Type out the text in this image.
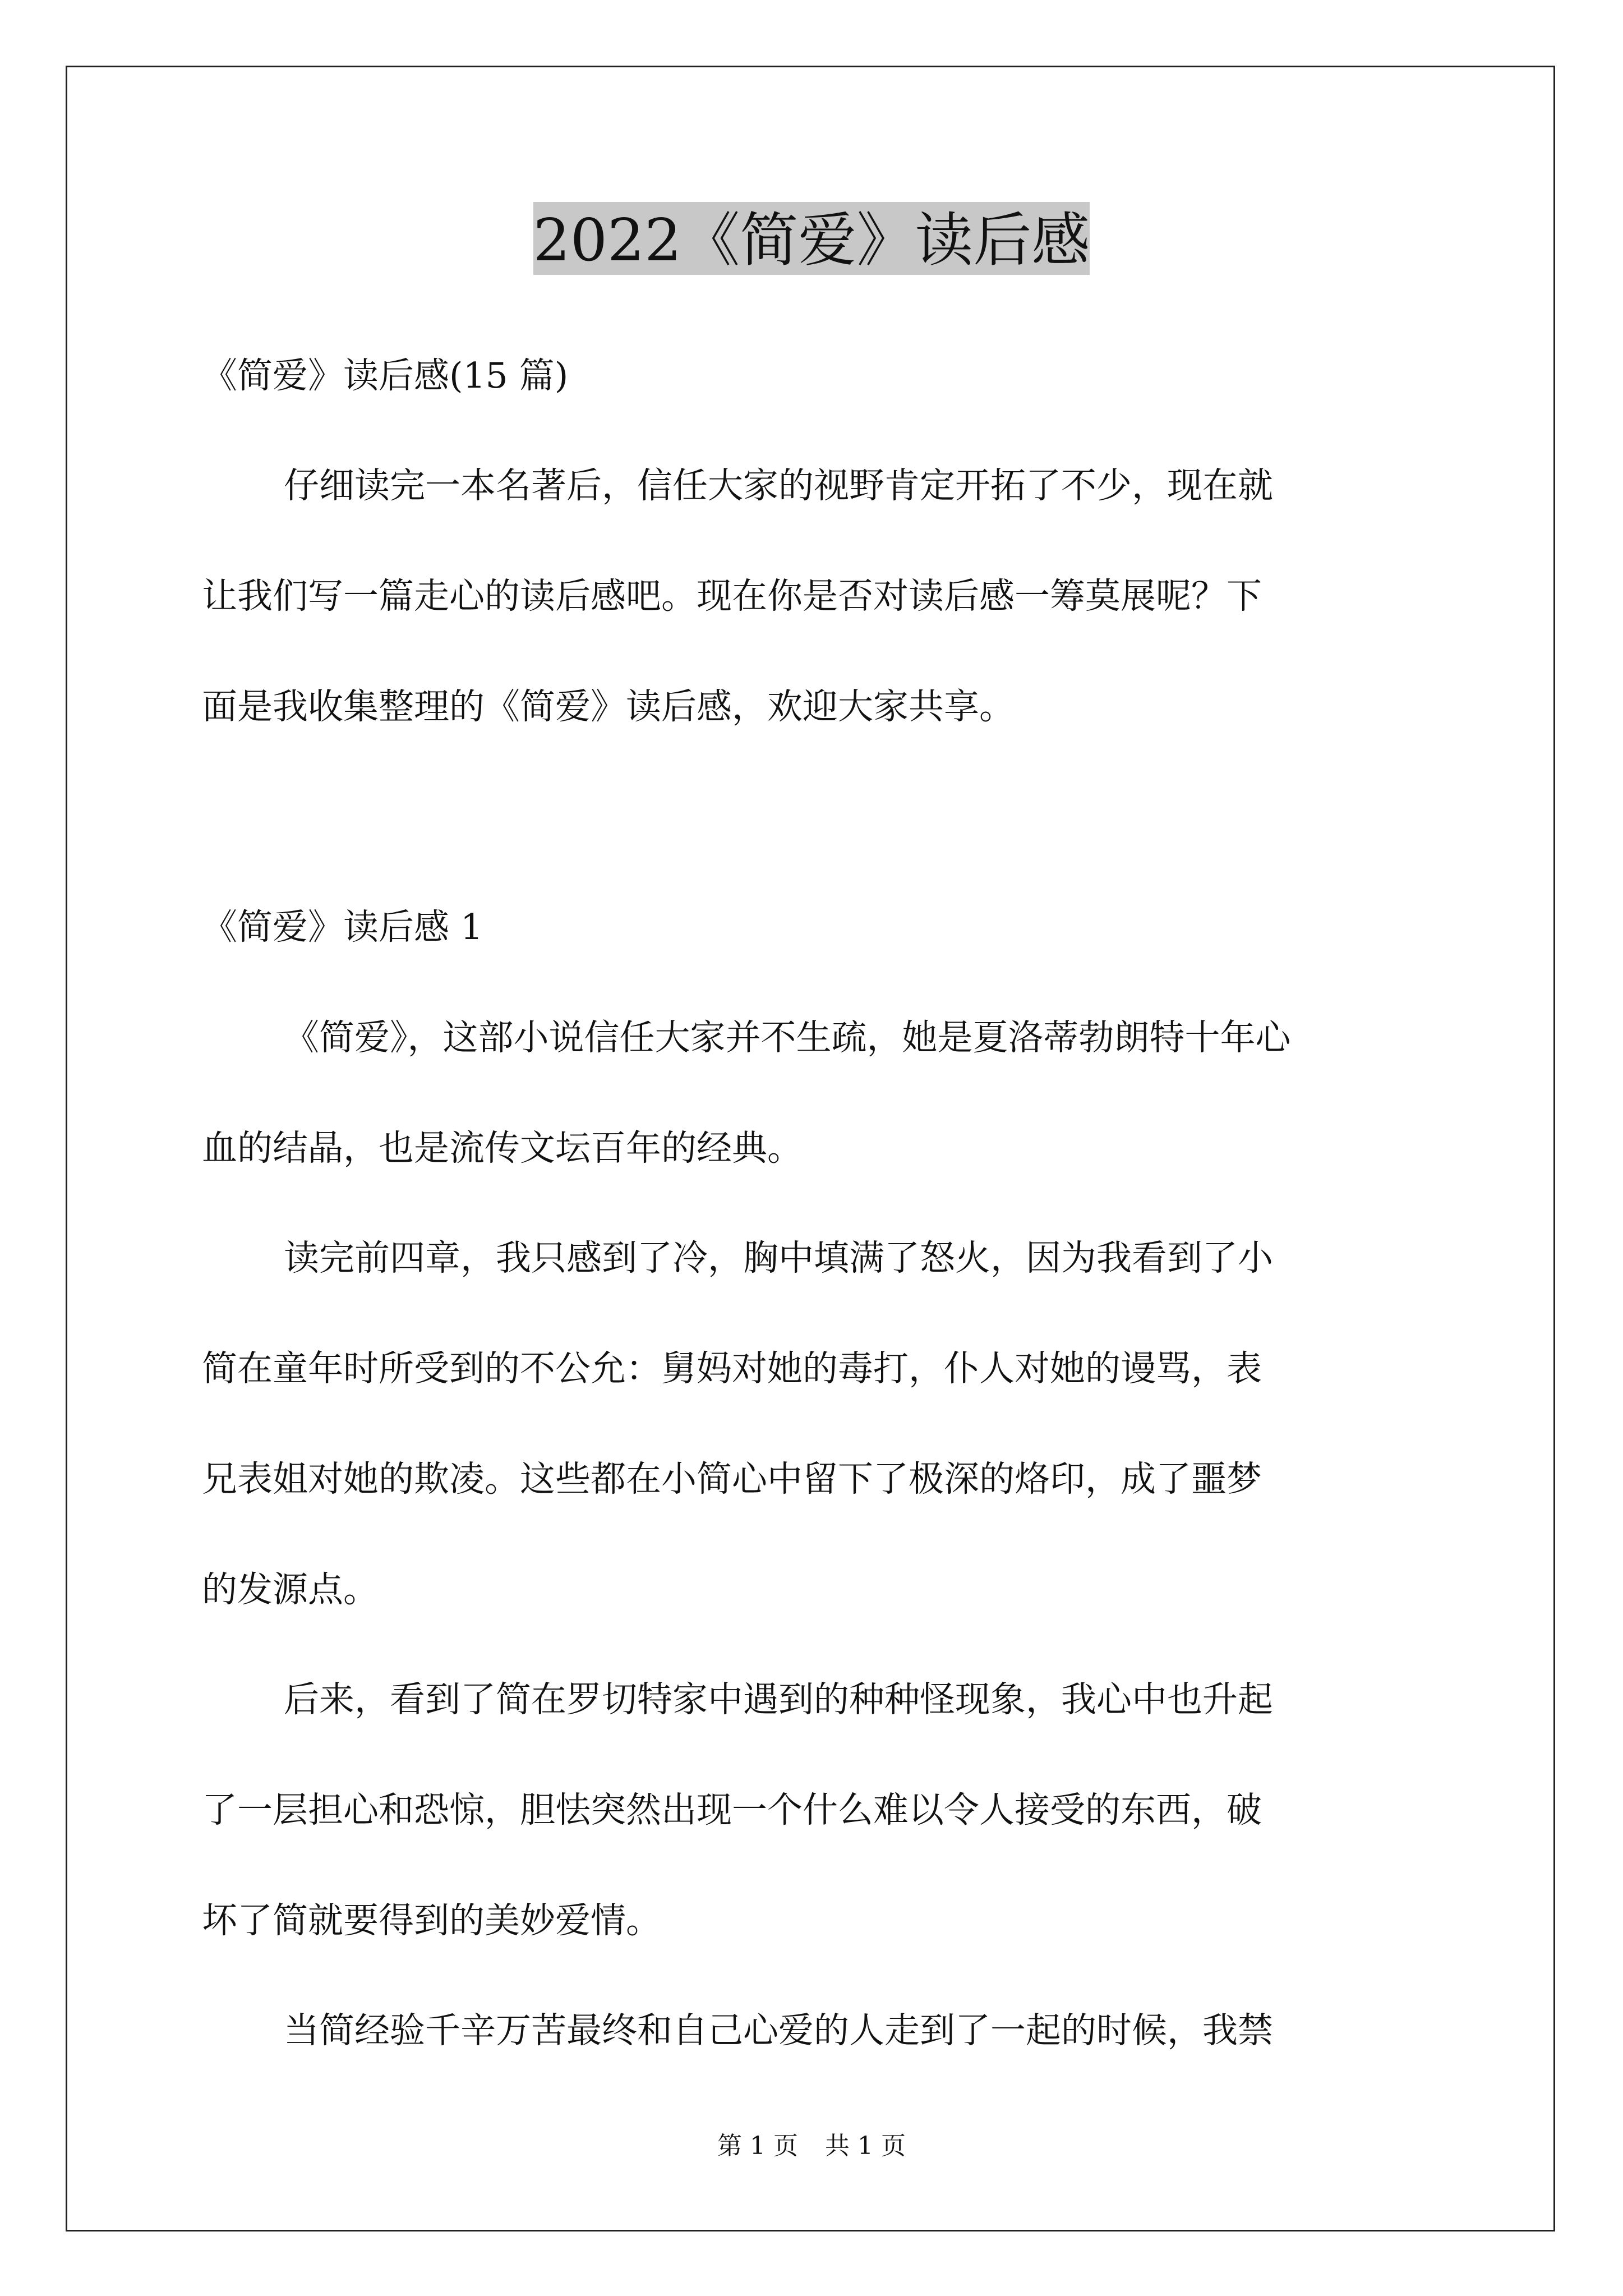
2022《简爱》读后感
《简爱》读后感(15 篇)
仔细读完一本名著后，信任大家的视野肯定开拓了不少，现在就
让我们写一篇走心的读后感吧。现在你是否对读后感一筹莫展呢？下
面是我收集整理的《简爱》读后感，欢迎大家共享。
《简爱》读后感 1
《简爱》，这部小说信任大家并不生疏，她是夏洛蒂勃朗特十年心
血的结晶，也是流传文坛百年的经典。
读完前四章，我只感到了冷，胸中填满了怒火，因为我看到了小
简在童年时所受到的不公允：舅妈对她的毒打，仆人对她的谩骂，表
兄表姐对她的欺凌。这些都在小简心中留下了极深的烙印，成了噩梦
的发源点。
后来，看到了简在罗切特家中遇到的种种怪现象，我心中也升起
了一层担心和恐惊，胆怯突然出现一个什么难以令人接受的东西，破
坏了简就要得到的美妙爱情。
当简经验千辛万苦最终和自己心爱的人走到了一起的时候，我禁
第 1 页 共 1 页
